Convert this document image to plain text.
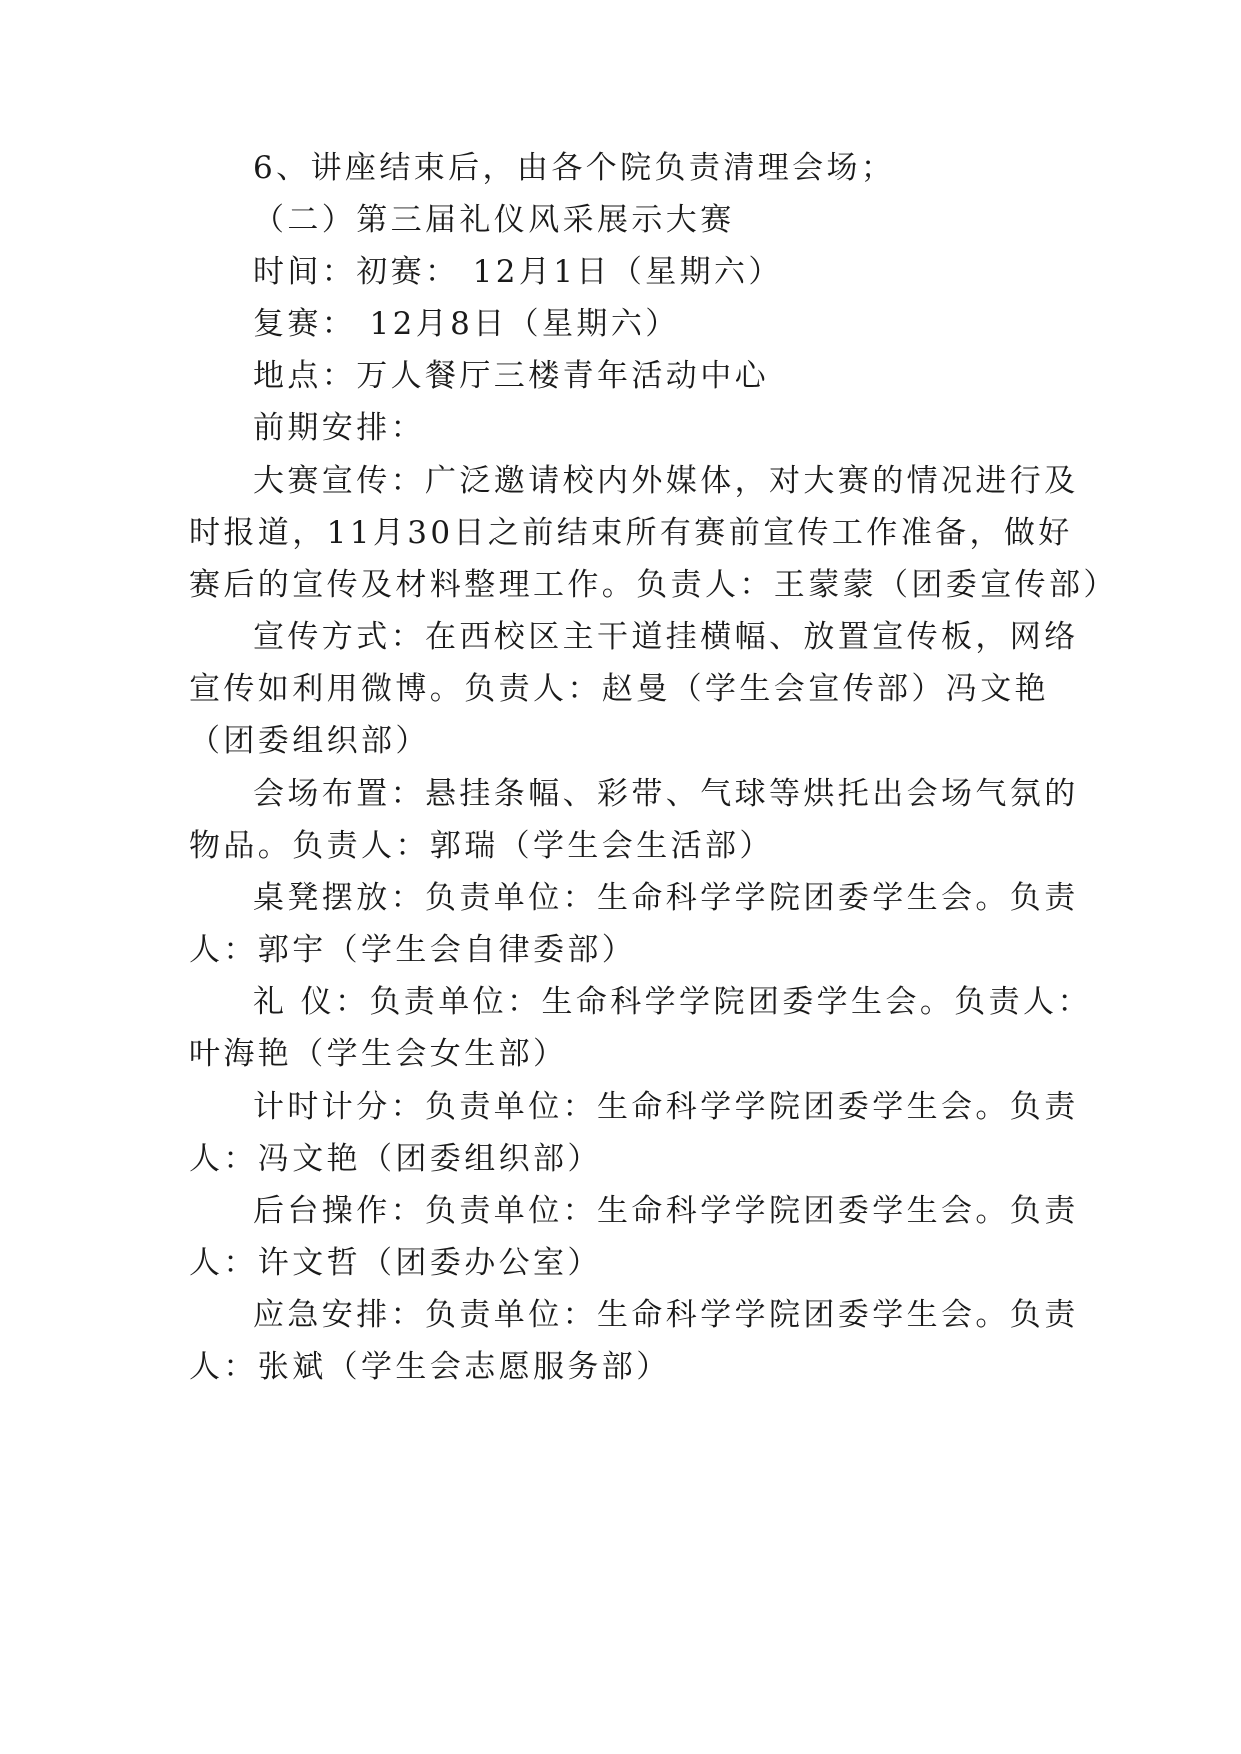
6、讲座结束后，由各个院负责清理会场；

（二）第三届礼仪风采展示大赛

时间：初赛： 12月1日（星期六）

复赛： 12月8日（星期六）

地点：万人餐厅三楼青年活动中心

前期安排：

大赛宣传：广泛邀请校内外媒体，对大赛的情况进行及

时报道，11月30日之前结束所有赛前宣传工作准备，做好

赛后的宣传及材料整理工作。负责人：王蒙蒙（团委宣传部）

宣传方式：在西校区主干道挂横幅、放置宣传板，网络

宣传如利用微博。负责人：赵曼（学生会宣传部）冯文艳

（团委组织部）

会场布置：悬挂条幅、彩带、气球等烘托出会场气氛的

物品。负责人：郭瑞（学生会生活部）

桌凳摆放：负责单位：生命科学学院团委学生会。负责

人：郭宇（学生会自律委部）

礼 仪：负责单位：生命科学学院团委学生会。负责人：

叶海艳（学生会女生部）

计时计分：负责单位：生命科学学院团委学生会。负责

人：冯文艳（团委组织部）

后台操作：负责单位：生命科学学院团委学生会。负责

人：许文哲（团委办公室）

应急安排：负责单位：生命科学学院团委学生会。负责

人：张斌（学生会志愿服务部）
